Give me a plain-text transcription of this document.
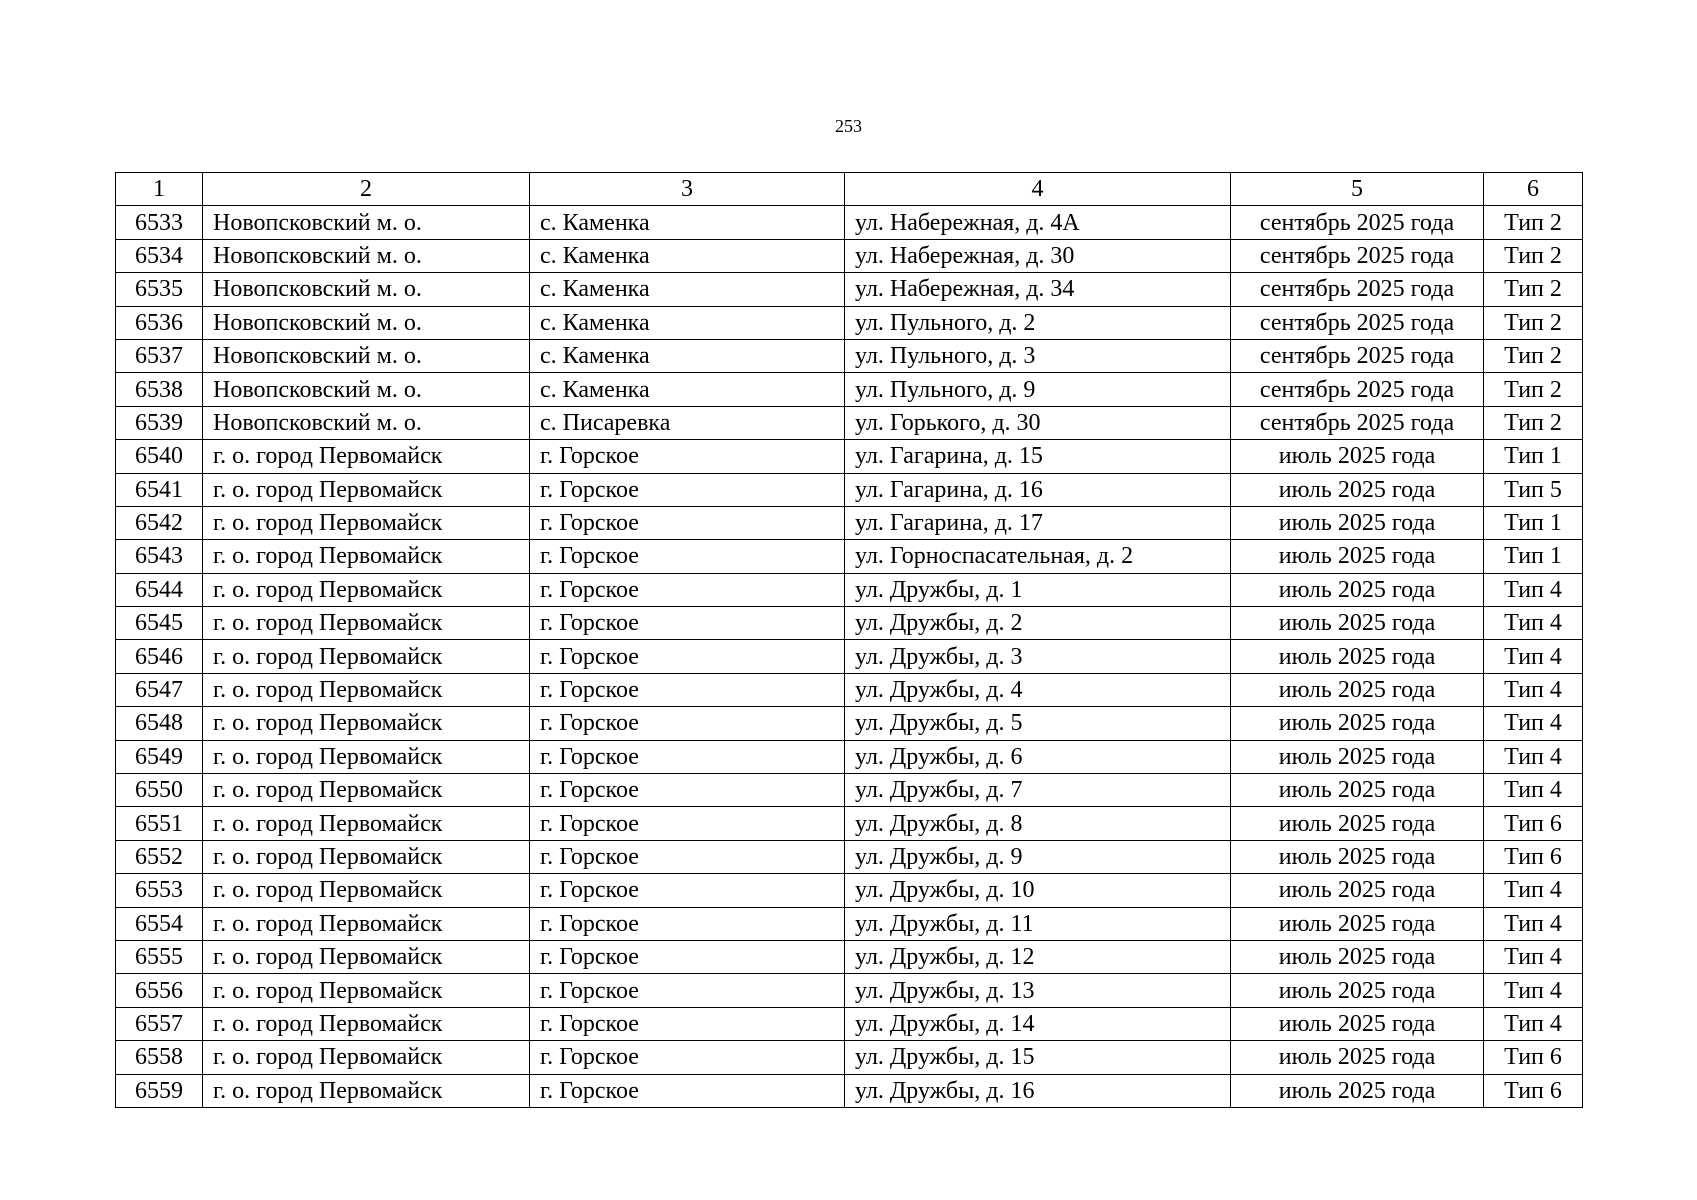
253
1	2	3	4	5	6
6533	Новопсковский м. о.	с. Каменка	ул. Набережная, д. 4А	сентябрь 2025 года	Тип 2
6534	Новопсковский м. о.	с. Каменка	ул. Набережная, д. 30	сентябрь 2025 года	Тип 2
6535	Новопсковский м. о.	с. Каменка	ул. Набережная, д. 34	сентябрь 2025 года	Тип 2
6536	Новопсковский м. о.	с. Каменка	ул. Пульного, д. 2	сентябрь 2025 года	Тип 2
6537	Новопсковский м. о.	с. Каменка	ул. Пульного, д. 3	сентябрь 2025 года	Тип 2
6538	Новопсковский м. о.	с. Каменка	ул. Пульного, д. 9	сентябрь 2025 года	Тип 2
6539	Новопсковский м. о.	с. Писаревка	ул. Горького, д. 30	сентябрь 2025 года	Тип 2
6540	г. о. город Первомайск	г. Горское	ул. Гагарина, д. 15	июль 2025 года	Тип 1
6541	г. о. город Первомайск	г. Горское	ул. Гагарина, д. 16	июль 2025 года	Тип 5
6542	г. о. город Первомайск	г. Горское	ул. Гагарина, д. 17	июль 2025 года	Тип 1
6543	г. о. город Первомайск	г. Горское	ул. Горноспасательная, д. 2	июль 2025 года	Тип 1
6544	г. о. город Первомайск	г. Горское	ул. Дружбы, д. 1	июль 2025 года	Тип 4
6545	г. о. город Первомайск	г. Горское	ул. Дружбы, д. 2	июль 2025 года	Тип 4
6546	г. о. город Первомайск	г. Горское	ул. Дружбы, д. 3	июль 2025 года	Тип 4
6547	г. о. город Первомайск	г. Горское	ул. Дружбы, д. 4	июль 2025 года	Тип 4
6548	г. о. город Первомайск	г. Горское	ул. Дружбы, д. 5	июль 2025 года	Тип 4
6549	г. о. город Первомайск	г. Горское	ул. Дружбы, д. 6	июль 2025 года	Тип 4
6550	г. о. город Первомайск	г. Горское	ул. Дружбы, д. 7	июль 2025 года	Тип 4
6551	г. о. город Первомайск	г. Горское	ул. Дружбы, д. 8	июль 2025 года	Тип 6
6552	г. о. город Первомайск	г. Горское	ул. Дружбы, д. 9	июль 2025 года	Тип 6
6553	г. о. город Первомайск	г. Горское	ул. Дружбы, д. 10	июль 2025 года	Тип 4
6554	г. о. город Первомайск	г. Горское	ул. Дружбы, д. 11	июль 2025 года	Тип 4
6555	г. о. город Первомайск	г. Горское	ул. Дружбы, д. 12	июль 2025 года	Тип 4
6556	г. о. город Первомайск	г. Горское	ул. Дружбы, д. 13	июль 2025 года	Тип 4
6557	г. о. город Первомайск	г. Горское	ул. Дружбы, д. 14	июль 2025 года	Тип 4
6558	г. о. город Первомайск	г. Горское	ул. Дружбы, д. 15	июль 2025 года	Тип 6
6559	г. о. город Первомайск	г. Горское	ул. Дружбы, д. 16	июль 2025 года	Тип 6
